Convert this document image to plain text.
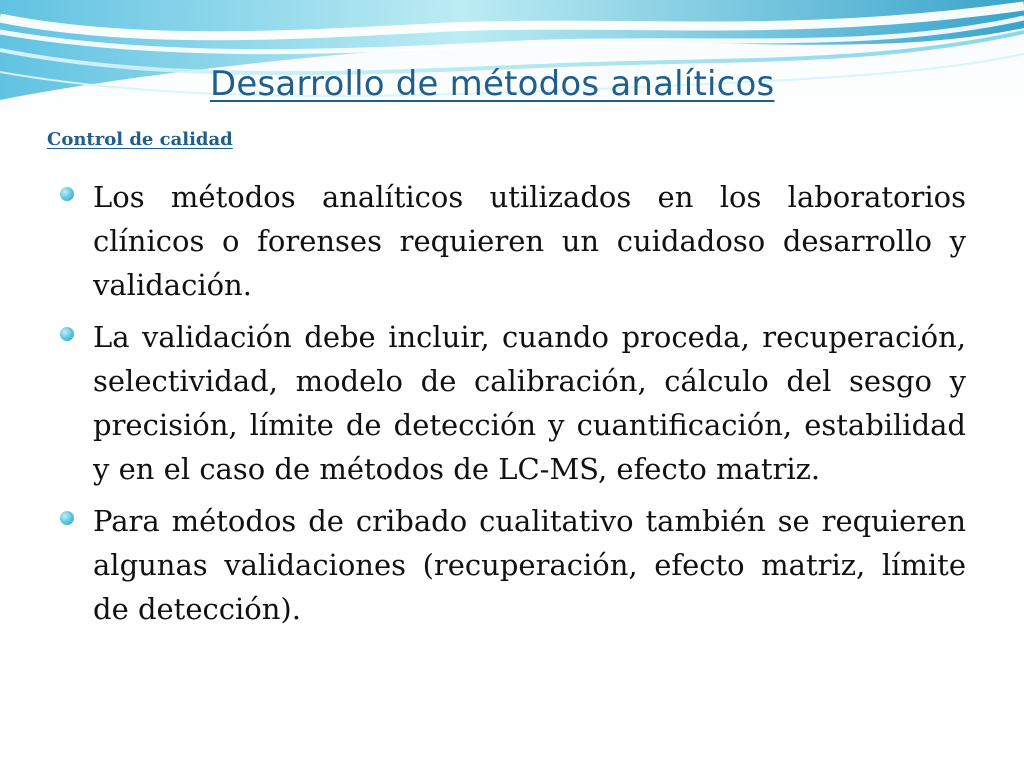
Desarrollo de métodos analíticos
Control de calidad
Los métodos analíticos utilizados en los laboratorios clínicos o forenses requieren un cuidadoso desarrollo y validación.
La validación debe incluir, cuando proceda, recuperación, selectividad, modelo de calibración, cálculo del sesgo y precisión, límite de detección y cuantificación, estabilidad y en el caso de métodos de LC-MS, efecto matriz.
Para métodos de cribado cualitativo también se requieren algunas validaciones (recuperación, efecto matriz, límite de detección).
